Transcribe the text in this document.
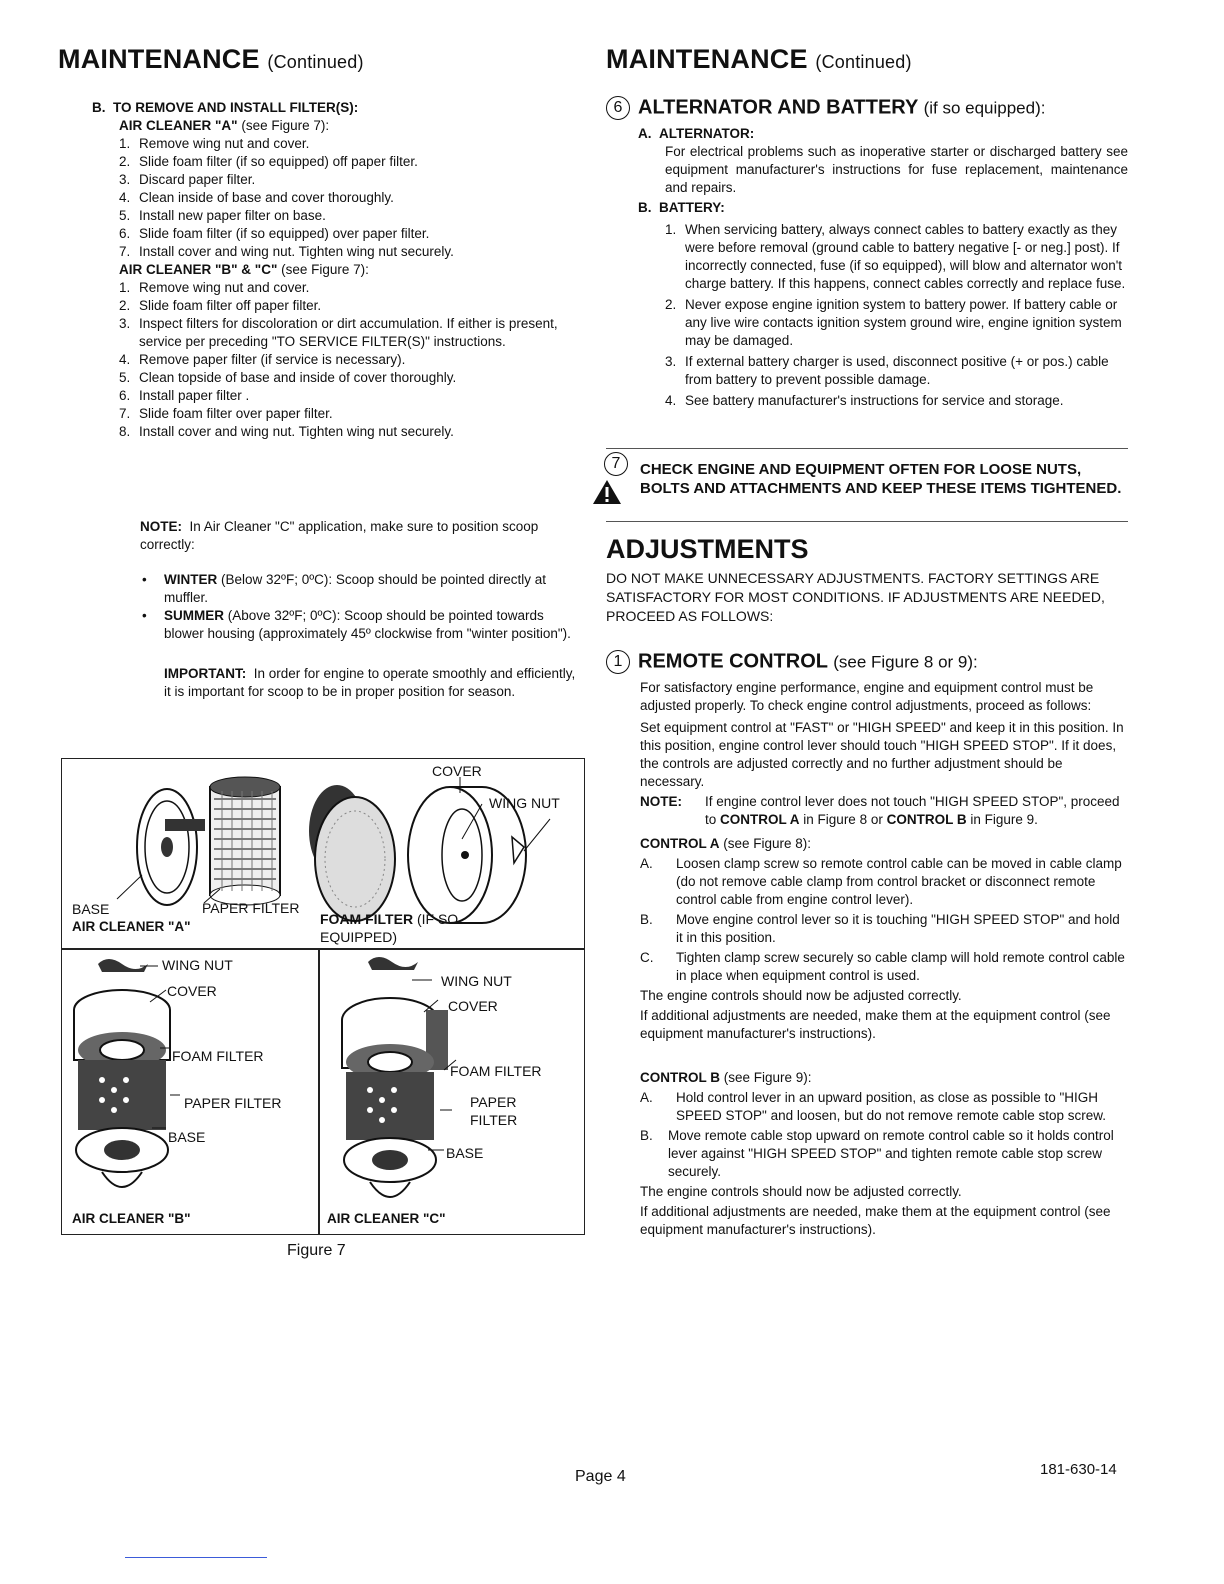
MAINTENANCE (Continued)
B. TO REMOVE AND INSTALL FILTER(S):
AIR CLEANER "A" (see Figure 7):
1. Remove wing nut and cover.
2. Slide foam filter (if so equipped) off paper filter.
3. Discard paper filter.
4. Clean inside of base and cover thoroughly.
5. Install new paper filter on base.
6. Slide foam filter (if so equipped) over paper filter.
7. Install cover and wing nut. Tighten wing nut securely.
AIR CLEANER "B" & "C" (see Figure 7):
1. Remove wing nut and cover.
2. Slide foam filter off paper filter.
3. Inspect filters for discoloration or dirt accumulation. If either is present, service per preceding "TO SERVICE FILTER(S)" instructions.
4. Remove paper filter (if service is necessary).
5. Clean topside of base and inside of cover thoroughly.
6. Install paper filter .
7. Slide foam filter over paper filter.
8. Install cover and wing nut. Tighten wing nut securely.
NOTE: In Air Cleaner "C" application, make sure to position scoop correctly:
• WINTER (Below 32ºF; 0ºC): Scoop should be pointed directly at muffler.
• SUMMER (Above 32ºF; 0ºC): Scoop should be pointed towards blower housing (approximately 45º clockwise from "winter position").
IMPORTANT: In order for engine to operate smoothly and efficiently, it is important for scoop to be in proper position for season.
COVER
WING NUT
BASE	PAPER FILTER
AIR CLEANER "A"	FOAM FILTER (IF SO
EQUIPPED)
WING NUT
COVER
FOAM FILTER
PAPER FILTER
BASE
AIR CLEANER "B"
WING NUT
COVER
FOAM FILTER
PAPER
FILTER
BASE
AIR CLEANER "C"
Figure 7
MAINTENANCE (Continued)
6 ALTERNATOR AND BATTERY (if so equipped):
A. ALTERNATOR:
For electrical problems such as inoperative starter or discharged battery see equipment manufacturer's instructions for fuse replacement, maintenance and repairs.
B. BATTERY:
1. When servicing battery, always connect cables to battery exactly as they were before removal (ground cable to battery negative [- or neg.] post). If incorrectly connected, fuse (if so equipped), will blow and alternator won't charge battery. If this happens, connect cables correctly and replace fuse.
2. Never expose engine ignition system to battery power. If battery cable or any live wire contacts ignition system ground wire, engine ignition system may be damaged.
3. If external battery charger is used, disconnect positive (+ or pos.) cable from battery to prevent possible damage.
4. See battery manufacturer's instructions for service and storage.
7	CHECK ENGINE AND EQUIPMENT OFTEN FOR LOOSE NUTS, BOLTS AND ATTACHMENTS AND KEEP THESE ITEMS TIGHTENED.
ADJUSTMENTS
DO NOT MAKE UNNECESSARY ADJUSTMENTS. FACTORY SETTINGS ARE SATISFACTORY FOR MOST CONDITIONS. IF ADJUSTMENTS ARE NEEDED, PROCEED AS FOLLOWS:
1 REMOTE CONTROL (see Figure 8 or 9):
For satisfactory engine performance, engine and equipment control must be adjusted properly. To check engine control adjustments, proceed as follows:
Set equipment control at "FAST" or "HIGH SPEED" and keep it in this position. In this position, engine control lever should touch "HIGH SPEED STOP". If it does, the controls are adjusted correctly and no further adjustment should be necessary.
NOTE: If engine control lever does not touch "HIGH SPEED STOP", proceed to CONTROL A in Figure 8 or CONTROL B in Figure 9.
CONTROL A (see Figure 8):
A. Loosen clamp screw so remote control cable can be moved in cable clamp (do not remove cable clamp from control bracket or disconnect remote control cable from engine control lever).
B. Move engine control lever so it is touching "HIGH SPEED STOP" and hold it in this position.
C. Tighten clamp screw securely so cable clamp will hold remote control cable in place when equipment control is used.
The engine controls should now be adjusted correctly.
If additional adjustments are needed, make them at the equipment control (see equipment manufacturer's instructions).
CONTROL B (see Figure 9):
A. Hold control lever in an upward position, as close as possible to "HIGH SPEED STOP" and loosen, but do not remove remote cable stop screw.
B. Move remote cable stop upward on remote control cable so it holds control lever against "HIGH SPEED STOP" and tighten remote cable stop screw securely.
The engine controls should now be adjusted correctly.
If additional adjustments are needed, make them at the equipment control (see equipment manufacturer's instructions).
Page 4	181-630-14
